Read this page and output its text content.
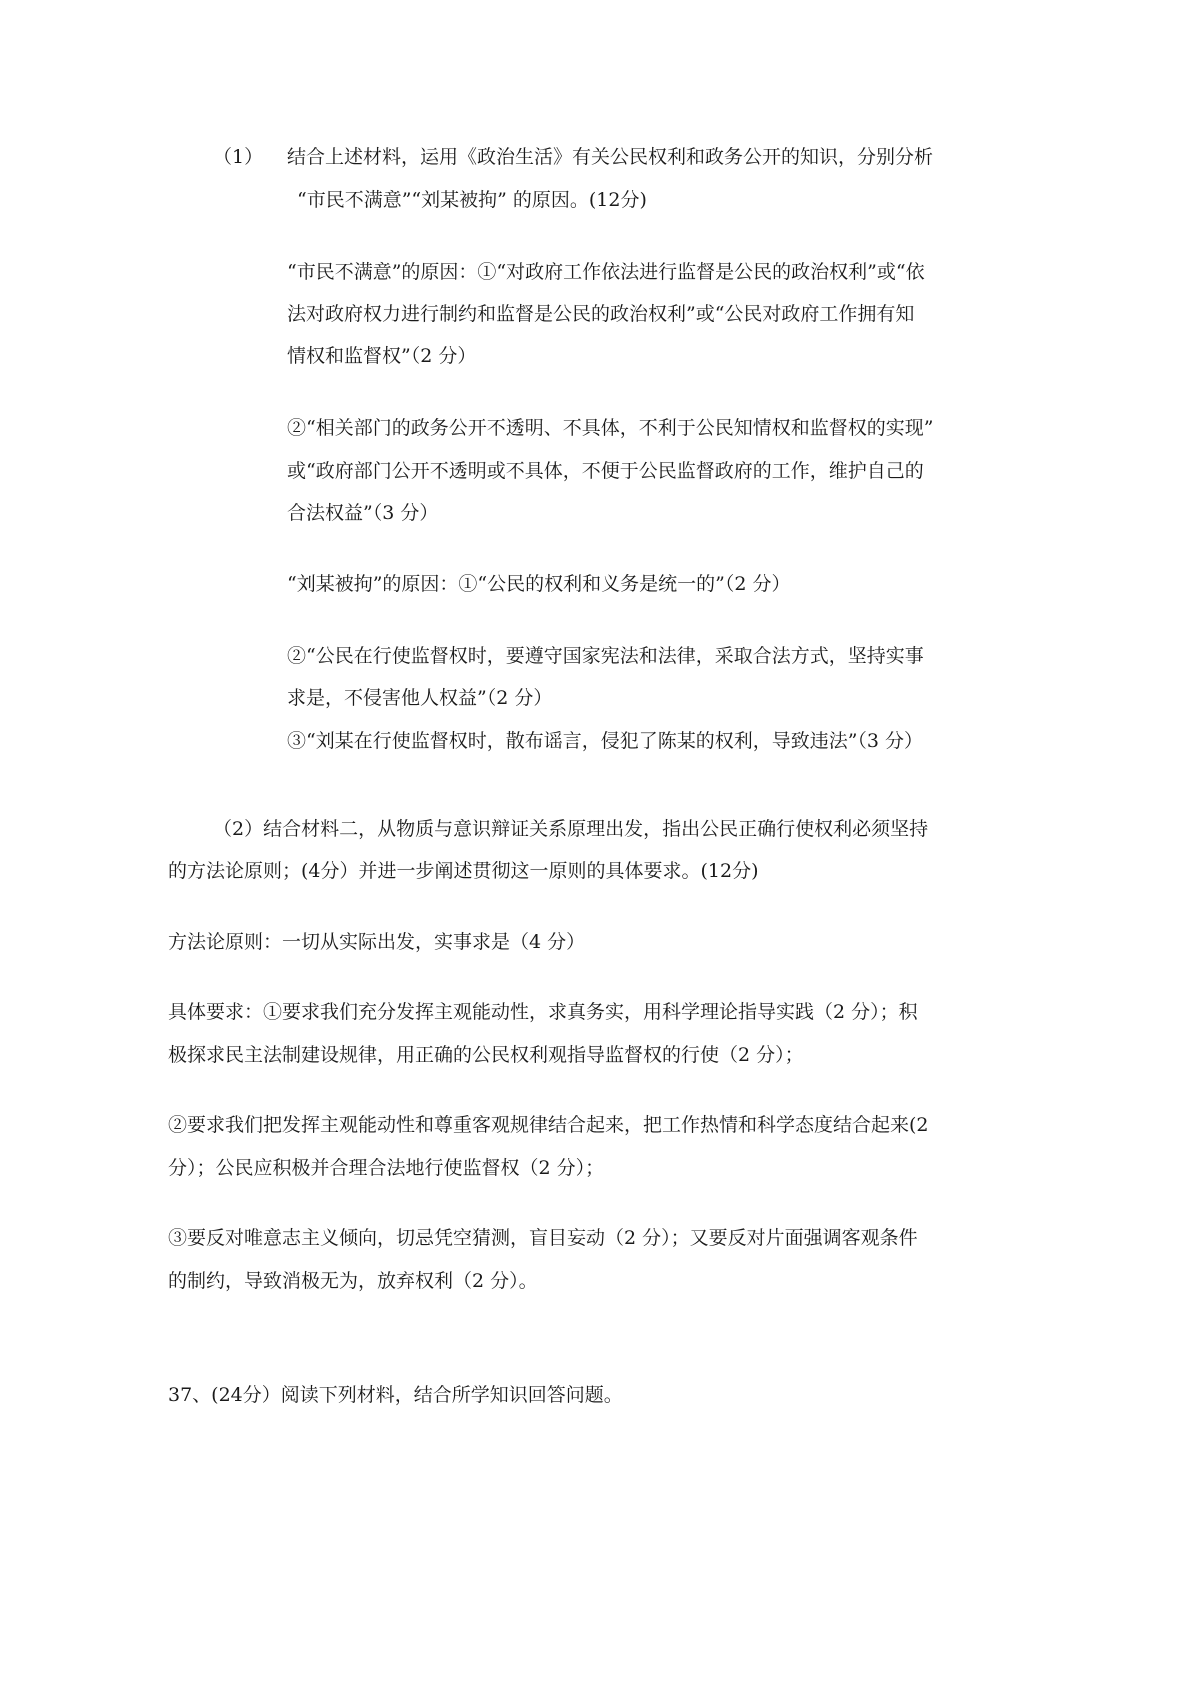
（1） 结合上述材料，运用《政治生活》有关公民权利和政务公开的知识，分别分析
“市民不满意”“刘某被拘” 的原因。(12分)
“市民不满意”的原因：①“对政府工作依法进行监督是公民的政治权利”或“依
法对政府权力进行制约和监督是公民的政治权利”或“公民对政府工作拥有知
情权和监督权”（2 分）
②“相关部门的政务公开不透明、不具体，不利于公民知情权和监督权的实现”
或“政府部门公开不透明或不具体，不便于公民监督政府的工作，维护自己的
合法权益”（3 分）
“刘某被拘”的原因：①“公民的权利和义务是统一的”（2 分）
②“公民在行使监督权时，要遵守国家宪法和法律，采取合法方式，坚持实事
求是，不侵害他人权益”（2 分）
③“刘某在行使监督权时，散布谣言，侵犯了陈某的权利，导致违法”（3 分）
（2）结合材料二，从物质与意识辩证关系原理出发，指出公民正确行使权利必须坚持
的方法论原则；(4分）并进一步阐述贯彻这一原则的具体要求。(12分)
方法论原则：一切从实际出发，实事求是（4 分）
具体要求：①要求我们充分发挥主观能动性，求真务实，用科学理论指导实践（2 分）；积
极探求民主法制建设规律，用正确的公民权利观指导监督权的行使（2 分）；
②要求我们把发挥主观能动性和尊重客观规律结合起来，把工作热情和科学态度结合起来(2
分）；公民应积极并合理合法地行使监督权（2 分）；
③要反对唯意志主义倾向，切忌凭空猜测，盲目妄动（2 分）；又要反对片面强调客观条件
的制约，导致消极无为，放弃权利（2 分）。
37、(24分）阅读下列材料，结合所学知识回答问题。
